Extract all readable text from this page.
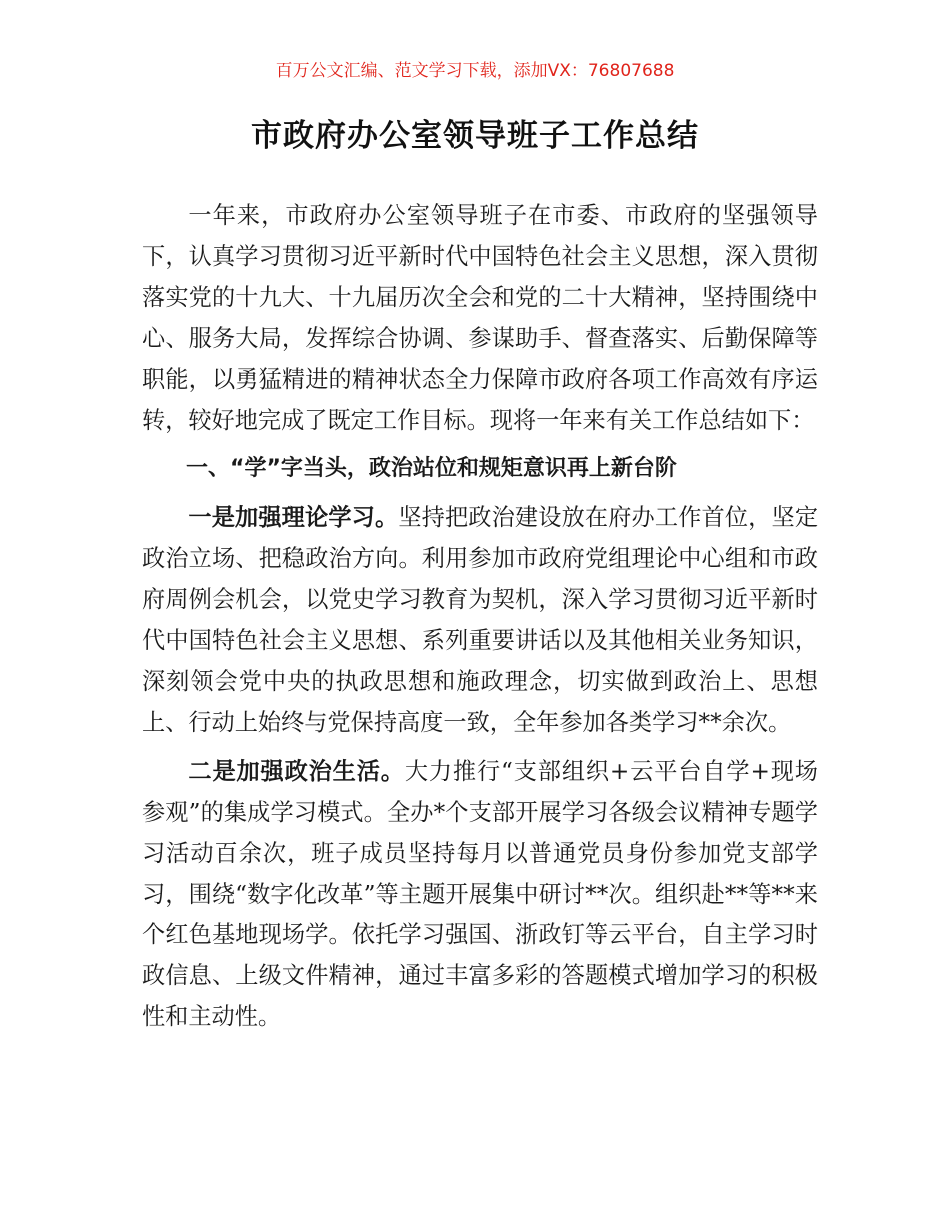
百万公文汇编、范文学习下载，添加VX：76807688
市政府办公室领导班子工作总结

一年来，市政府办公室领导班子在市委、市政府的坚强领导下，认真学习贯彻习近平新时代中国特色社会主义思想，深入贯彻落实党的十九大、十九届历次全会和党的二十大精神，坚持围绕中心、服务大局，发挥综合协调、参谋助手、督查落实、后勤保障等职能，以勇猛精进的精神状态全力保障市政府各项工作高效有序运转，较好地完成了既定工作目标。现将一年来有关工作总结如下：

一、“学”字当头，政治站位和规矩意识再上新台阶

一是加强理论学习。坚持把政治建设放在府办工作首位，坚定政治立场、把稳政治方向。利用参加市政府党组理论中心组和市政府周例会机会，以党史学习教育为契机，深入学习贯彻习近平新时代中国特色社会主义思想、系列重要讲话以及其他相关业务知识，深刻领会党中央的执政思想和施政理念，切实做到政治上、思想上、行动上始终与党保持高度一致，全年参加各类学习**余次。

二是加强政治生活。大力推行“支部组织+云平台自学+现场参观”的集成学习模式。全办*个支部开展学习各级会议精神专题学习活动百余次，班子成员坚持每月以普通党员身份参加党支部学习，围绕“数字化改革”等主题开展集中研讨**次。组织赴**等**来个红色基地现场学。依托学习强国、浙政钉等云平台，自主学习时政信息、上级文件精神，通过丰富多彩的答题模式增加学习的积极性和主动性。
